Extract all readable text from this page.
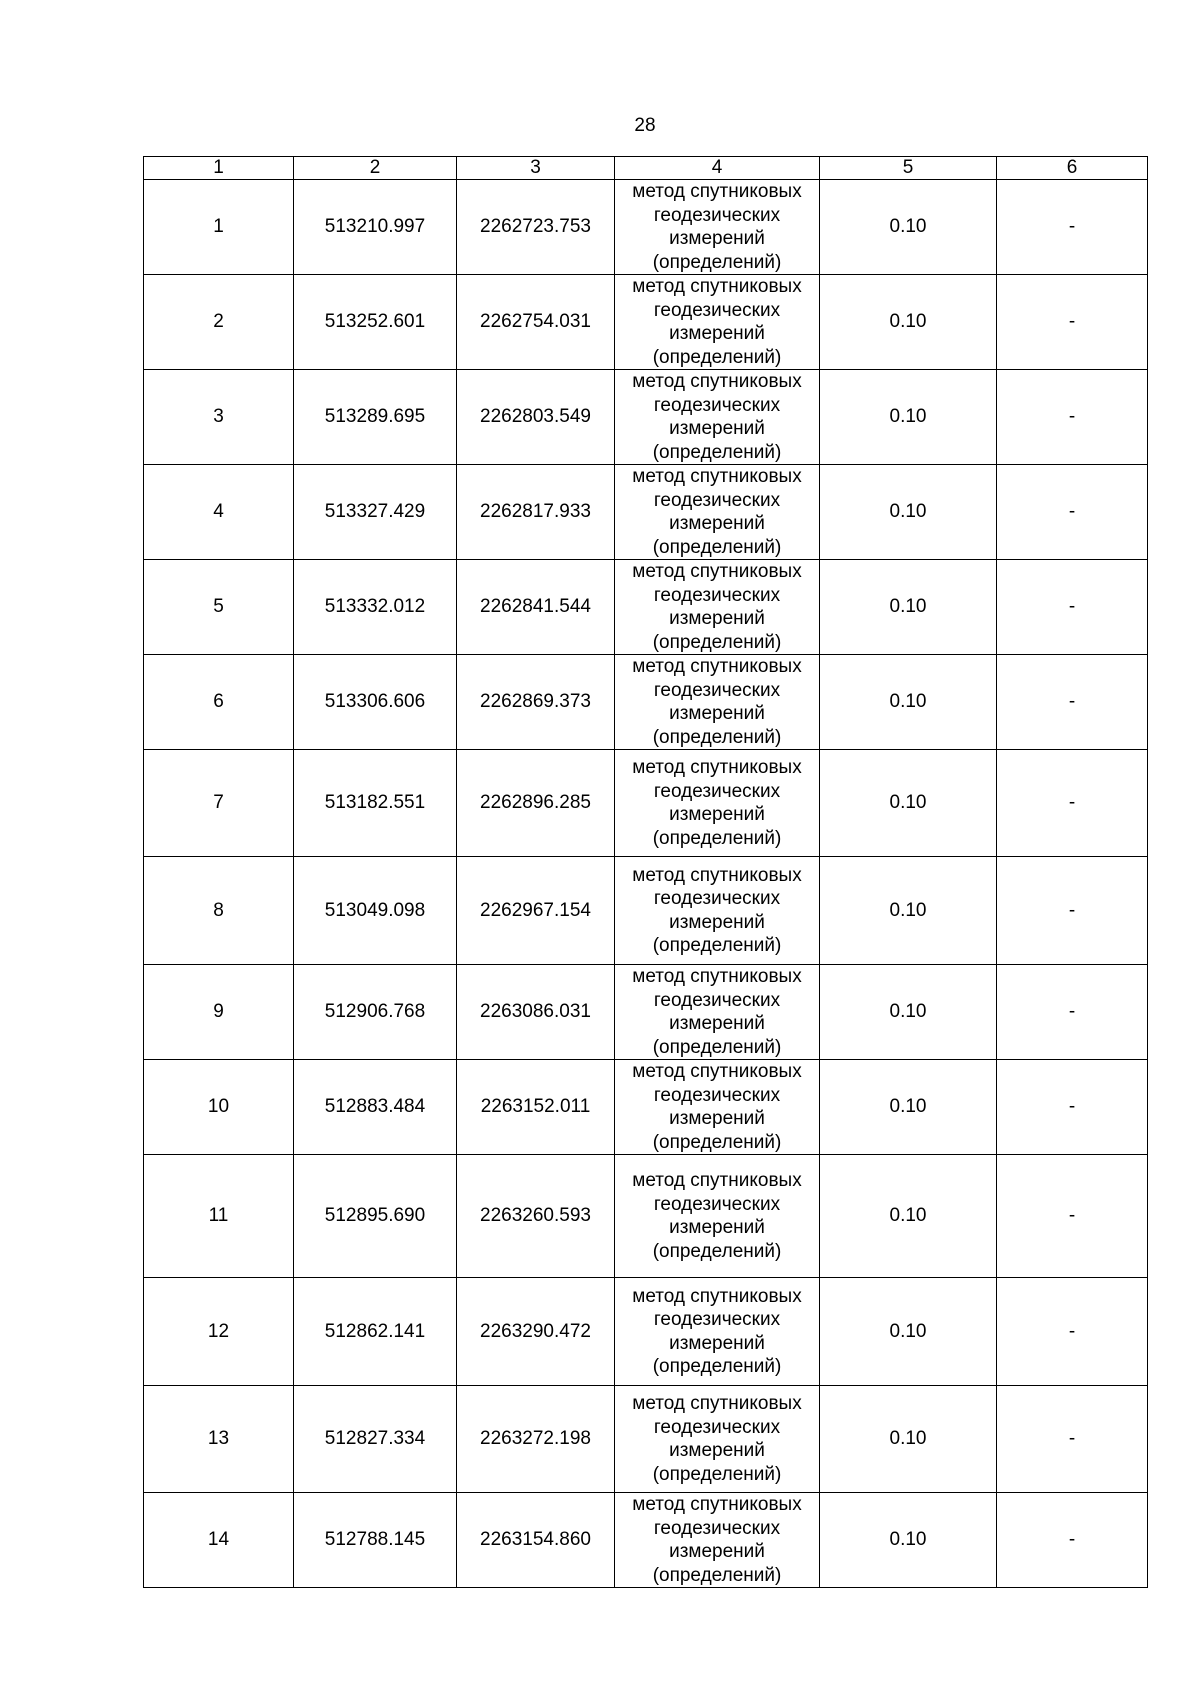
28
1	2	3	4	5	6
1	513210.997	2262723.753	метод спутниковых
геодезических
измерений
(определений)	0.10	-
2	513252.601	2262754.031	метод спутниковых
геодезических
измерений
(определений)	0.10	-
3	513289.695	2262803.549	метод спутниковых
геодезических
измерений
(определений)	0.10	-
4	513327.429	2262817.933	метод спутниковых
геодезических
измерений
(определений)	0.10	-
5	513332.012	2262841.544	метод спутниковых
геодезических
измерений
(определений)	0.10	-
6	513306.606	2262869.373	метод спутниковых
геодезических
измерений
(определений)	0.10	-
7	513182.551	2262896.285	метод спутниковых
геодезических
измерений
(определений)	0.10	-
8	513049.098	2262967.154	метод спутниковых
геодезических
измерений
(определений)	0.10	-
9	512906.768	2263086.031	метод спутниковых
геодезических
измерений
(определений)	0.10	-
10	512883.484	2263152.011	метод спутниковых
геодезических
измерений
(определений)	0.10	-
11	512895.690	2263260.593	метод спутниковых
геодезических
измерений
(определений)	0.10	-
12	512862.141	2263290.472	метод спутниковых
геодезических
измерений
(определений)	0.10	-
13	512827.334	2263272.198	метод спутниковых
геодезических
измерений
(определений)	0.10	-
14	512788.145	2263154.860	метод спутниковых
геодезических
измерений
(определений)	0.10	-
